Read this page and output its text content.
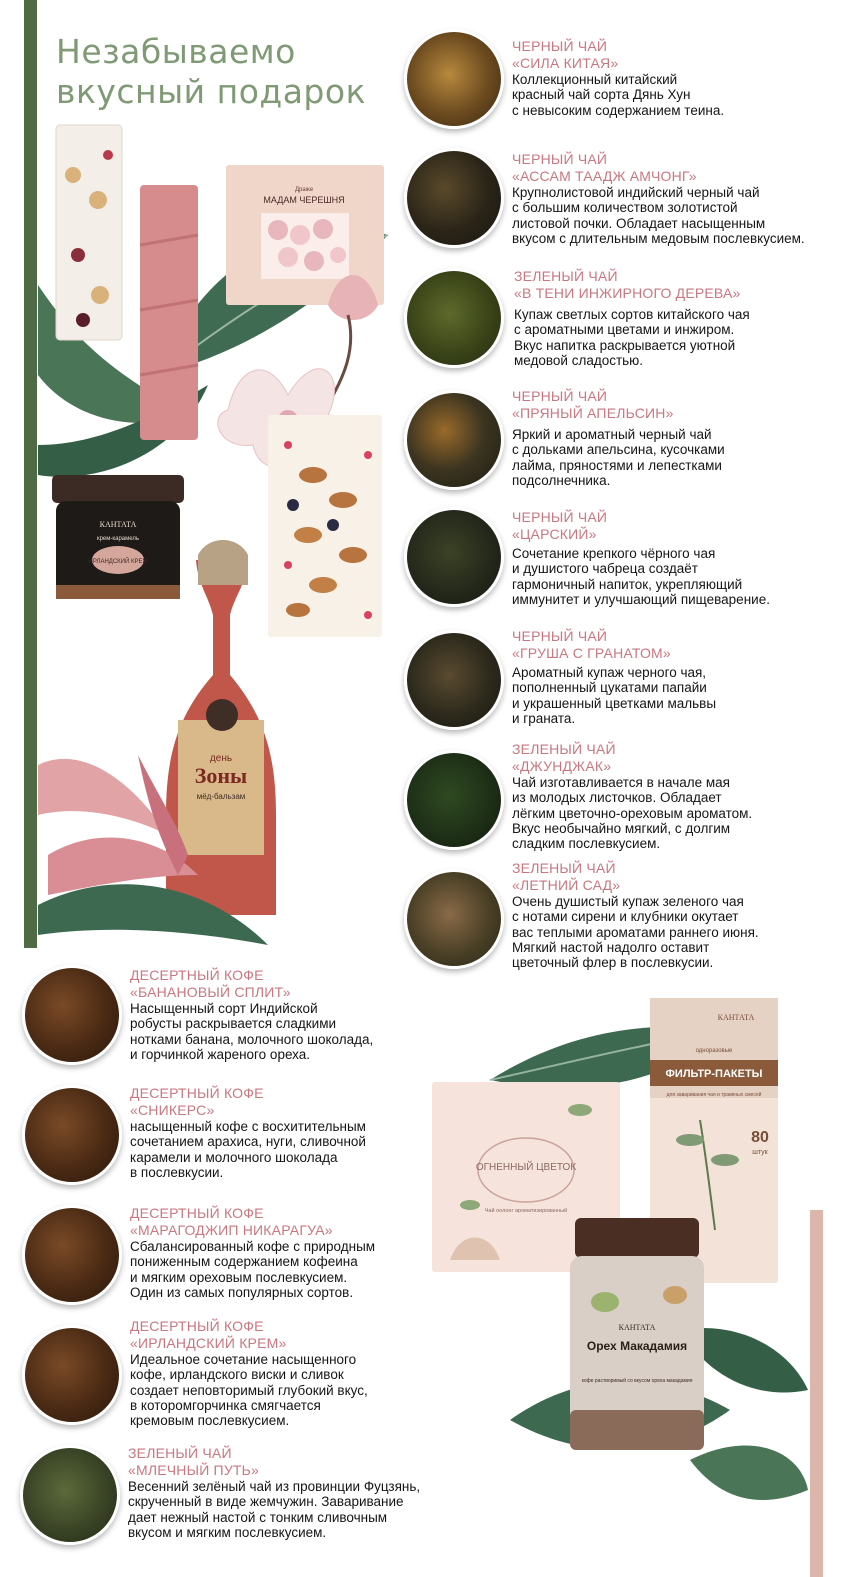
Незабываемо вкусный подарок
Драже
МАДАМ ЧЕРЕШНЯ
КАНТАТА
крем-карамель
ИРЛАНДСКИЙ КРЕМ
день
Зоны
мёд-бальзам
КАНТАТА
одноразовые
ФИЛЬТР-ПАКЕТЫ
для заваривания чая и травяных смесей
80
штук
ОГНЕННЫЙ ЦВЕТОК
Чай оолонг ароматизированный
КАНТАТА
Орех Макадамия
кофе растворимый со вкусом ореха макадамия
ЧЕРНЫЙ ЧАЙ
«СИЛА КИТАЯ»
Коллекционный китайский
красный чай сорта Дянь Хун
с невысоким содержанием теина.
ЧЕРНЫЙ ЧАЙ
«АССАМ ТААДЖ АМЧОНГ»
Крупнолистовой индийский черный чай
с большим количеством золотистой
листовой почки. Обладает насыщенным
вкусом с длительным медовым послевкусием.
ЗЕЛЕНЫЙ ЧАЙ
«В ТЕНИ ИНЖИРНОГО ДЕРЕВА»
Купаж светлых сортов китайского чая
с ароматными цветами и инжиром.
Вкус напитка раскрывается уютной
медовой сладостью.
ЧЕРНЫЙ ЧАЙ
«ПРЯНЫЙ АПЕЛЬСИН»
Яркий и ароматный черный чай
с дольками апельсина, кусочками
лайма, пряностями и лепестками
подсолнечника.
ЧЕРНЫЙ ЧАЙ
«ЦАРСКИЙ»
Сочетание крепкого чёрного чая
и душистого чабреца создаёт
гармоничный напиток, укрепляющий
иммунитет и улучшающий пищеварение.
ЧЕРНЫЙ ЧАЙ
«ГРУША С ГРАНАТОМ»
Ароматный купаж черного чая,
пополненный цукатами папайи
и украшенный цветками мальвы
и граната.
ЗЕЛЕНЫЙ ЧАЙ
«ДЖУНДЖАК»
Чай изготавливается в начале мая
из молодых листочков. Обладает
лёгким цветочно-ореховым ароматом.
Вкус необычайно мягкий, с долгим
сладким послевкусием.
ЗЕЛЕНЫЙ ЧАЙ
«ЛЕТНИЙ САД»
Очень душистый купаж зеленого чая
с нотами сирени и клубники окутает
вас теплыми ароматами раннего июня.
Мягкий настой надолго оставит
цветочный флер в послевкусии.
ДЕСЕРТНЫЙ КОФЕ
«БАНАНОВЫЙ СПЛИТ»
Насыщенный сорт Индийской
робусты раскрывается сладкими
нотками банана, молочного шоколада,
и горчинкой жареного ореха.
ДЕСЕРТНЫЙ КОФЕ
«СНИКЕРС»
насыщенный кофе с восхитительным
сочетанием арахиса, нуги, сливочной
карамели и молочного шоколада
в послевкусии.
ДЕСЕРТНЫЙ КОФЕ
«МАРАГОДЖИП НИКАРАГУА»
Сбалансированный кофе с природным
пониженным содержанием кофеина
и мягким ореховым послевкусием.
Один из самых популярных сортов.
ДЕСЕРТНЫЙ КОФЕ
«ИРЛАНДСКИЙ КРЕМ»
Идеальное сочетание насыщенного
кофе, ирландского виски и сливок
создает неповторимый глубокий вкус,
в которомгорчинка смягчается
кремовым послевкусием.
ЗЕЛЕНЫЙ ЧАЙ
«МЛЕЧНЫЙ ПУТЬ»
Весенний зелёный чай из провинции Фуцзянь,
скрученный в виде жемчужин. Заваривание
дает нежный настой с тонким сливочным
вкусом и мягким послевкусием.
